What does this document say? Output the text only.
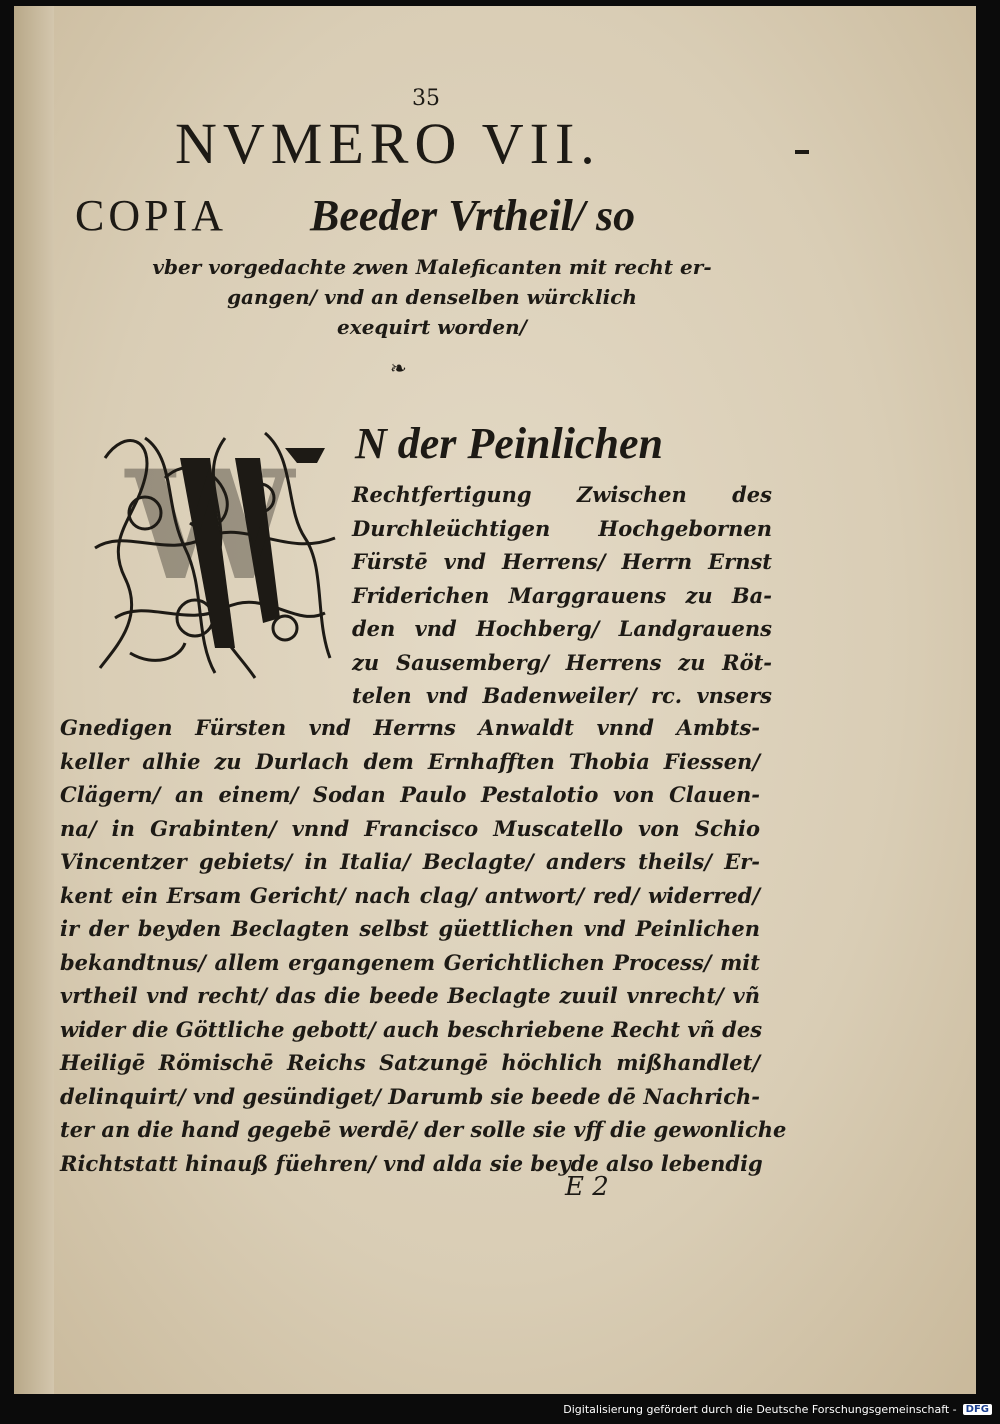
35
NVMERO VII.
COPIA Beeder Vrtheil/ so
vber vorgedachte zwen Maleficanten mit recht er-
gangen/ vnd an denselben würcklich
exequirt worden/
❧
W N der Peinlichen
Rechtfertigung Zwischen des
Durchleüchtigen Hochgebornen
Fürstē vnd Herrens/ Herrn Ernst
Friderichen Marggrauens zu Ba-
den vnd Hochberg/ Landgrauens
zu Sausemberg/ Herrens zu Röt-
telen vnd Badenweiler/ rc. vnsers
Gnedigen Fürsten vnd Herrns Anwaldt vnnd Ambts-
keller alhie zu Durlach dem Ernhafften Thobia Fiessen/
Clägern/ an einem/ Sodan Paulo Pestalotio von Clauen-
na/ in Grabinten/ vnnd Francisco Muscatello von Schio
Vincentzer gebiets/ in Italia/ Beclagte/ anders theils/ Er-
kent ein Ersam Gericht/ nach clag/ antwort/ red/ widerred/
ir der beyden Beclagten selbst güettlichen vnd Peinlichen
bekandtnus/ allem ergangenem Gerichtlichen Process/ mit
vrtheil vnd recht/ das die beede Beclagte zuuil vnrecht/ vñ
wider die Göttliche gebott/ auch beschriebene Recht vñ des
Heiligē Römischē Reichs Satzungē höchlich mißhandlet/
delinquirt/ vnd gesündiget/ Darumb sie beede dē Nachrich-
ter an die hand gegebē werdē/ der solle sie vff die gewonliche
Richtstatt hinauß füehren/ vnd alda sie beyde also lebendig
E 2
Digitalisierung gefördert durch die Deutsche Forschungsgemeinschaft - DFG
